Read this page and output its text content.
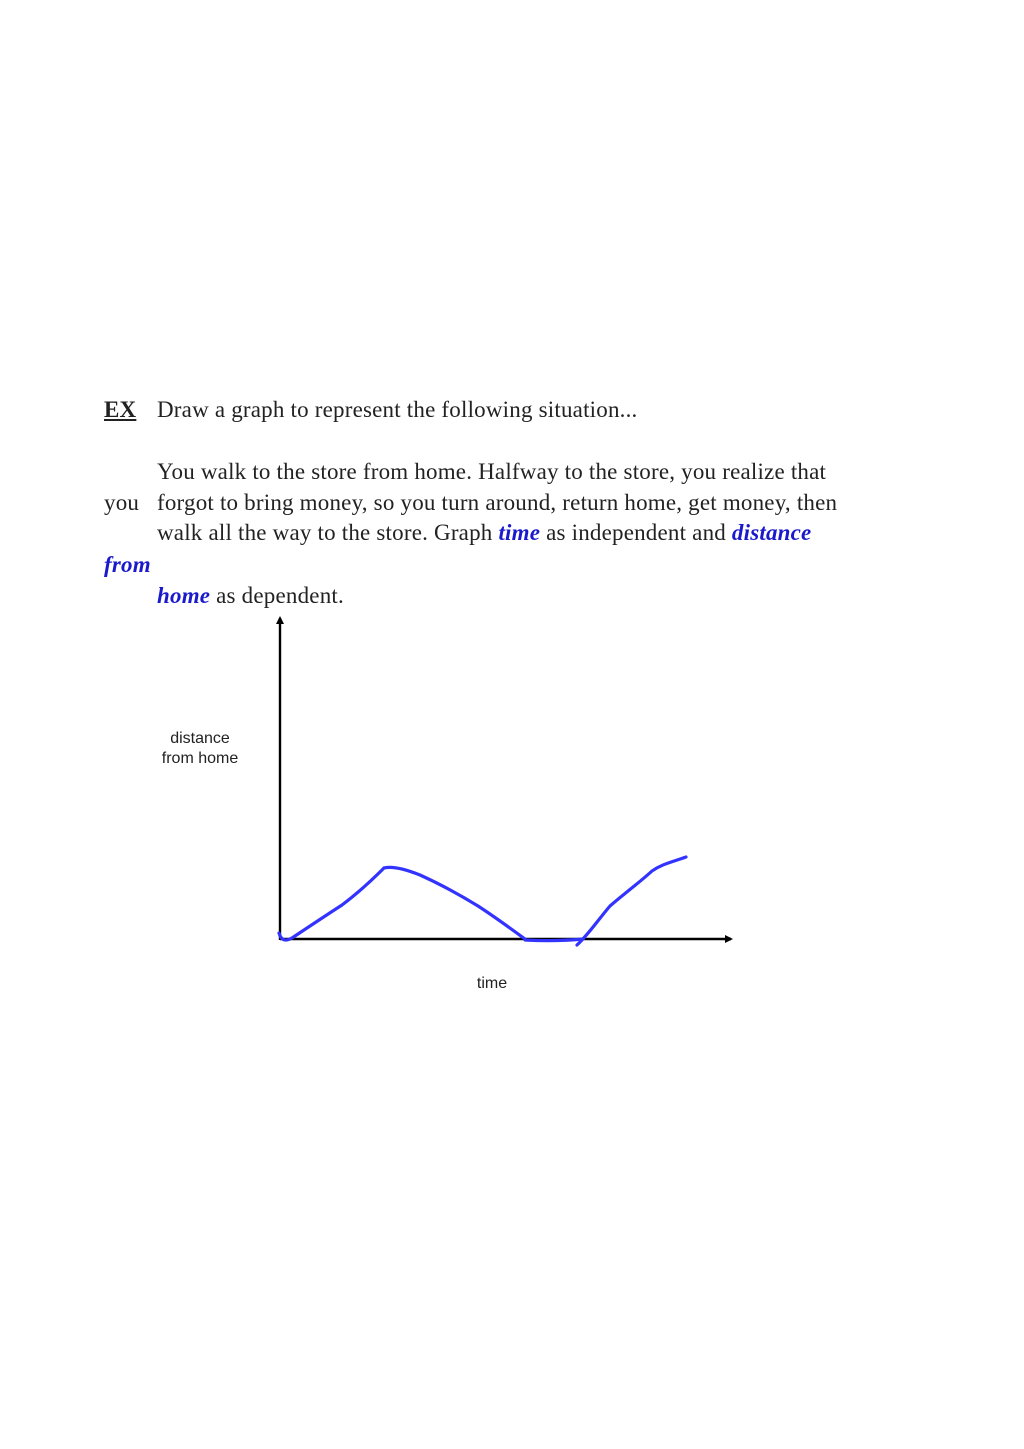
EX Draw a graph to represent the following situation...
You walk to the store from home. Halfway to the store, you realize that
you forgot to bring money, so you turn around, return home, get money, then
walk all the way to the store. Graph time as independent and distance
from
home as dependent.
distance
from home
time
